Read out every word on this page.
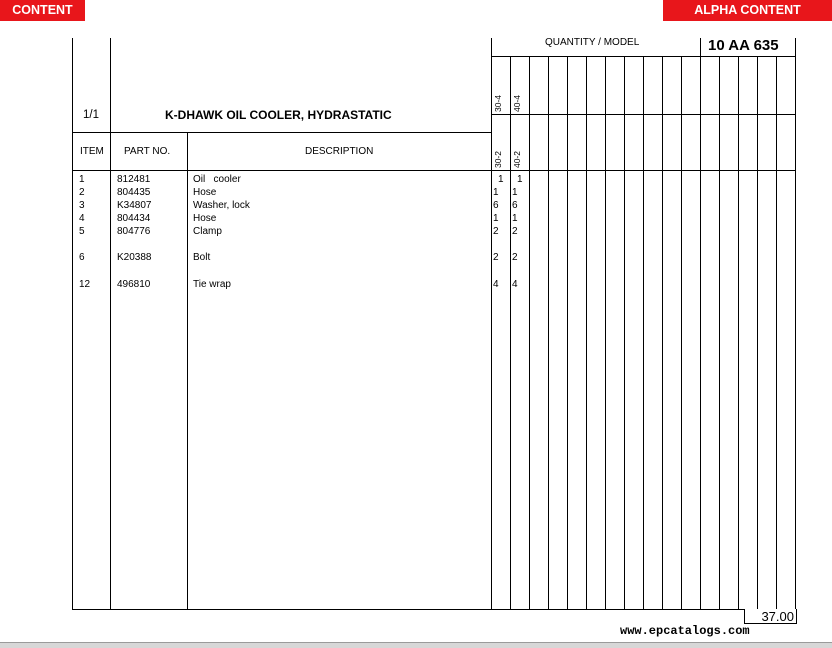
CONTENT	ALPHA CONTENT
QUANTITY / MODEL	10 AA 635
1/1	K-DHAWK OIL COOLER, HYDRASTATIC
ITEM PART NO.	DESCRIPTION
30-4 40-4
30-2 40-2
1	812481	Oil   cooler	1 1
2	804435	Hose	1 1
3	K34807	Washer, lock	6 6
4	804434	Hose	1 1
5	804776	Clamp	2 2
6	K20388	Bolt	2 2
12	496810	Tie wrap	4 4
37.00
www.epcatalogs.com
